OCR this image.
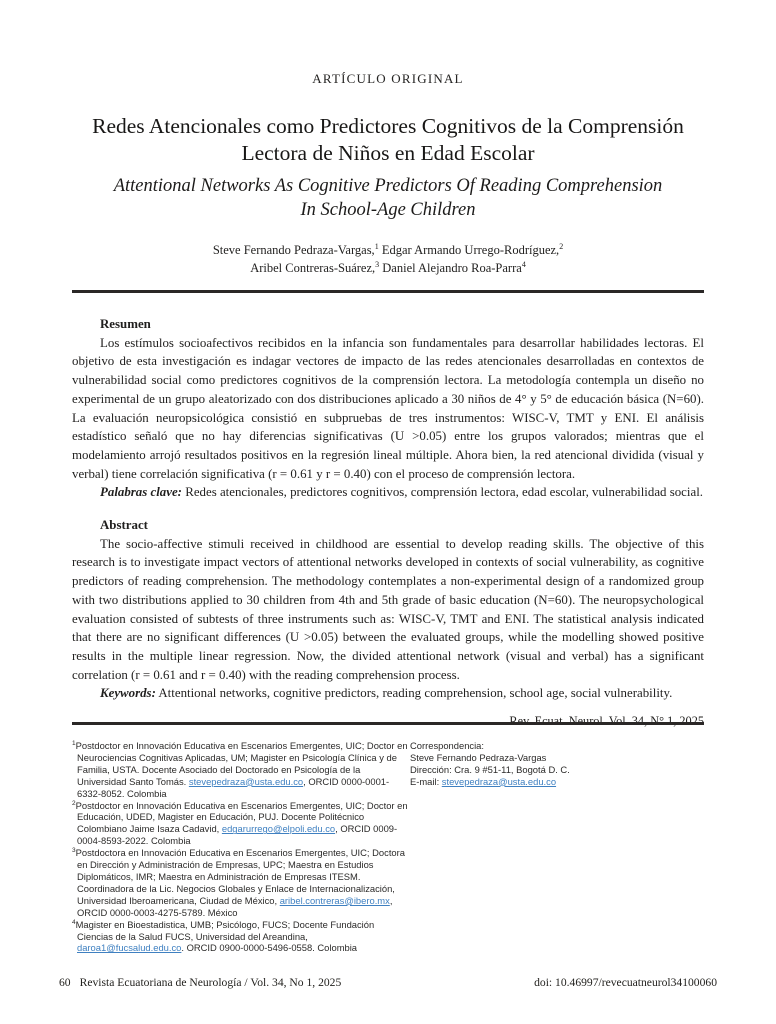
ARTÍCULO ORIGINAL
Redes Atencionales como Predictores Cognitivos de la Comprensión
Lectora de Niños en Edad Escolar
Attentional Networks As Cognitive Predictors Of Reading Comprehension
In School-Age Children
Steve Fernando Pedraza-Vargas,$^1$ Edgar Armando Urrego-Rodríguez,$^2$
Aribel Contreras-Suárez,$^3$ Daniel Alejandro Roa-Parra$^4$
Resumen

Los estímulos socioafectivos recibidos en la infancia son fundamentales para desarrollar habilidades lectoras. El objetivo de esta investigación es indagar vectores de impacto de las redes atencionales desarrolladas en contextos de vulnerabilidad social como predictores cognitivos de la comprensión lectora. La metodología contempla un diseño no experimental de un grupo aleatorizado con dos distribuciones aplicado a 30 niños de 4° y 5° de educación básica (N=60). La evaluación neuropsicológica consistió en subpruebas de tres instrumentos: WISC-V, TMT y ENI. El análisis estadístico señaló que no hay diferencias significativas (U >0.05) entre los grupos valorados; mientras que el modelamiento arrojó resultados positivos en la regresión lineal múltiple. Ahora bien, la red atencional dividida (visual y verbal) tiene correlación significativa (r = 0.61 y r = 0.40) con el proceso de comprensión lectora.

Palabras clave: Redes atencionales, predictores cognitivos, comprensión lectora, edad escolar, vulnerabilidad social.

Abstract

The socio-affective stimuli received in childhood are essential to develop reading skills. The objective of this research is to investigate impact vectors of attentional networks developed in contexts of social vulnerability, as cognitive predictors of reading comprehension. The methodology contemplates a non-experimental design of a randomized group with two distributions applied to 30 children from 4th and 5th grade of basic education (N=60). The neuropsychological evaluation consisted of subtests of three instruments such as: WISC-V, TMT and ENI. The statistical analysis indicated that there are no significant differences (U >0.05) between the evaluated groups, while the modelling showed positive results in the multiple linear regression. Now, the divided attentional network (visual and verbal) has a significant correlation (r = 0.61 and r = 0.40) with the reading comprehension process.

Keywords: Attentional networks, cognitive predictors, reading comprehension, school age, social vulnerability.

$^1$Postdoctor en Innovación Educativa en Escenarios Emergentes, UIC; Doctor en Neurociencias Cognitivas Aplicadas, UM; Magister en Psicología Clínica y de Familia, USTA. Docente Asociado del Doctorado en Psicología de la Universidad Santo Tomás. stevepedraza@usta.edu.co, ORCID 0000-0001-6332-8052. Colombia
$^2$Postdoctor en Innovación Educativa en Escenarios Emergentes, UIC; Doctor en Educación, UDED, Magister en Educación, PUJ. Docente Politécnico Colombiano Jaime Isaza Cadavid, edgarurrego@elpoli.edu.co, ORCID 0009-0004-8593-2022. Colombia
$^3$Postdoctora en Innovación Educativa en Escenarios Emergentes, UIC; Doctora en Dirección y Administración de Empresas, UPC; Maestra en Estudios Diplomáticos, IMR; Maestra en Administración de Empresas ITESM. Coordinadora de la Lic. Negocios Globales y Enlace de Internacionalización, Universidad Iberoamericana, Ciudad de México, aribel.contreras@ibero.mx, ORCID 0000-0003-4275-5789. México
$^4$Magister en Bioestadistica, UMB; Psicólogo, FUCS; Docente Fundación Ciencias de la Salud FUCS, Universidad del Areandina, daroa1@fucsalud.edu.co. ORCID 0900-0000-5496-0558. Colombia
Correspondencia:
Steve Fernando Pedraza-Vargas
Dirección: Cra. 9 #51-11, Bogotá D. C.
E-mail: stevepedraza@usta.edu.co
60 Revista Ecuatoriana de Neurología / Vol. 34, No 1, 2025	doi: 10.46997/revecuatneurol34100060
